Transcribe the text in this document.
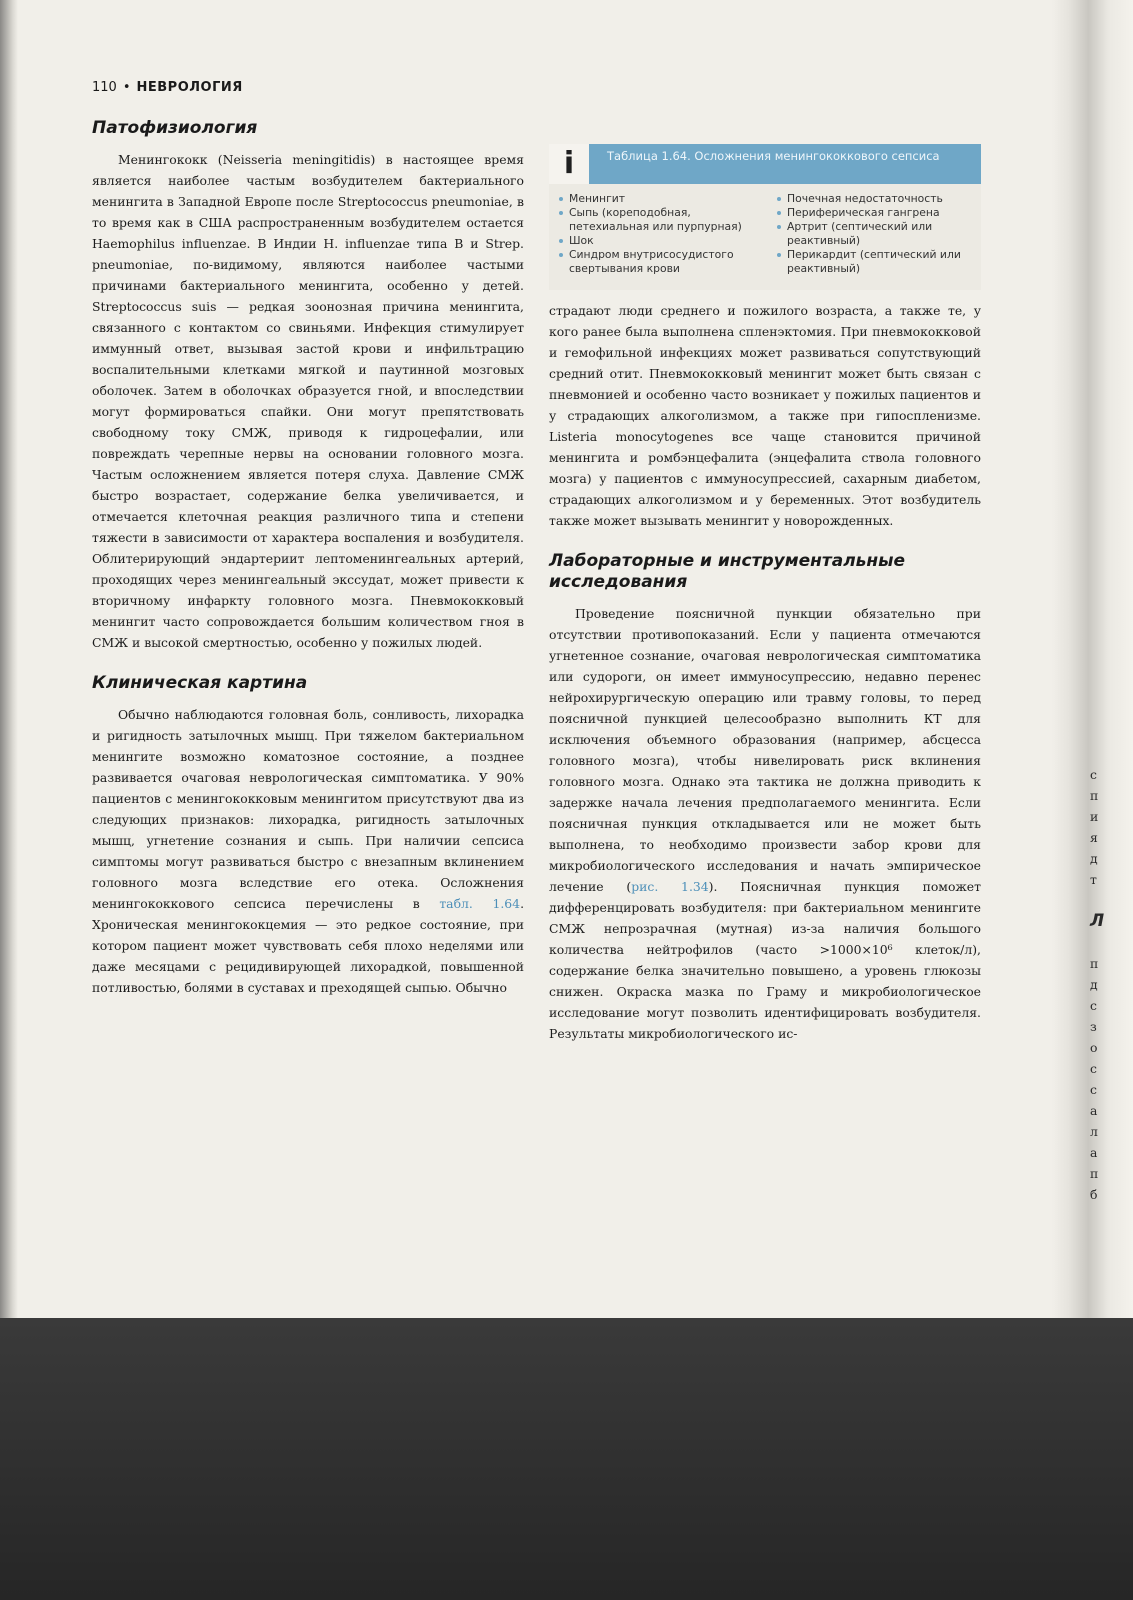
110 • НЕВРОЛОГИЯ
Патофизиология

Менингококк (Neisseria meningitidis) в настоящее время является наиболее частым возбудителем бактериального менингита в Западной Европе после Streptococcus pneumoniae, в то время как в США распространенным возбудителем остается Haemophilus influenzae. В Индии H. influenzae типа В и Strep. pneumoniae, по-видимому, являются наиболее частыми причинами бактериального менингита, особенно у детей. Streptococcus suis — редкая зоонозная причина менингита, связанного с контактом со свиньями. Инфекция стимулирует иммунный ответ, вызывая застой крови и инфильтрацию воспалительными клетками мягкой и паутинной мозговых оболочек. Затем в оболочках образуется гной, и впоследствии могут формироваться спайки. Они могут препятствовать свободному току СМЖ, приводя к гидроцефалии, или повреждать черепные нервы на основании головного мозга. Частым осложнением является потеря слуха. Давление СМЖ быстро возрастает, содержание белка увеличивается, и отмечается клеточная реакция различного типа и степени тяжести в зависимости от характера воспаления и возбудителя. Облитерирующий эндартериит лептоменингеальных артерий, проходящих через менингеальный экссудат, может привести к вторичному инфаркту головного мозга. Пневмококковый менингит часто сопровождается большим количеством гноя в СМЖ и высокой смертностью, особенно у пожилых людей.

Клиническая картина

Обычно наблюдаются головная боль, сонливость, лихорадка и ригидность затылочных мышц. При тяжелом бактериальном менингите возможно коматозное состояние, а позднее развивается очаговая неврологическая симптоматика. У 90% пациентов с менингококковым менингитом присутствуют два из следующих признаков: лихорадка, ригидность затылочных мышц, угнетение сознания и сыпь. При наличии сепсиса симптомы могут развиваться быстро с внезапным вклинением головного мозга вследствие его отека. Осложнения менингококкового сепсиса перечислены в табл. 1.64. Хроническая менингококцемия — это редкое состояние, при котором пациент может чувствовать себя плохо неделями или даже месяцами с рецидивирующей лихорадкой, повышенной потливостью, болями в суставах и преходящей сыпью. Обычно

i	Таблица 1.64. Осложнения менингококкового сепсиса
Менингит
Сыпь (кореподобная, петехиальная или пурпурная)
Шок
Синдром внутрисосудистого свертывания крови
Почечная недостаточность
Периферическая гангрена
Артрит (септический или реактивный)
Перикардит (септический или реактивный)

страдают люди среднего и пожилого возраста, а также те, у кого ранее была выполнена спленэктомия. При пневмококковой и гемофильной инфекциях может развиваться сопутствующий средний отит. Пневмококковый менингит может быть связан с пневмонией и особенно часто возникает у пожилых пациентов и у страдающих алкоголизмом, а также при гипоспленизме. Listeria monocytogenes все чаще становится причиной менингита и ромбэнцефалита (энцефалита ствола головного мозга) у пациентов с иммуносупрессией, сахарным диабетом, страдающих алкоголизмом и у беременных. Этот возбудитель также может вызывать менингит у новорожденных.

Лабораторные и инструментальные исследования

Проведение поясничной пункции обязательно при отсутствии противопоказаний. Если у пациента отмечаются угнетенное сознание, очаговая неврологическая симптоматика или судороги, он имеет иммуносупрессию, недавно перенес нейрохирургическую операцию или травму головы, то перед поясничной пункцией целесообразно выполнить КТ для исключения объемного образования (например, абсцесса головного мозга), чтобы нивелировать риск вклинения головного мозга. Однако эта тактика не должна приводить к задержке начала лечения предполагаемого менингита. Если поясничная пункция откладывается или не может быть выполнена, то необходимо произвести забор крови для микробиологического исследования и начать эмпирическое лечение (рис. 1.34). Поясничная пункция поможет дифференцировать возбудителя: при бактериальном менингите СМЖ непрозрачная (мутная) из-за наличия большого количества нейтрофилов (часто >1000×10⁶ клеток/л), содержание белка значительно повышено, а уровень глюкозы снижен. Окраска мазка по Граму и микробиологическое исследование могут позволить идентифицировать возбудителя. Результаты микробиологического ис-

с
п
и
я
д
т
Л
п
д
с
з
о
с
с
а
л
а
п
б
